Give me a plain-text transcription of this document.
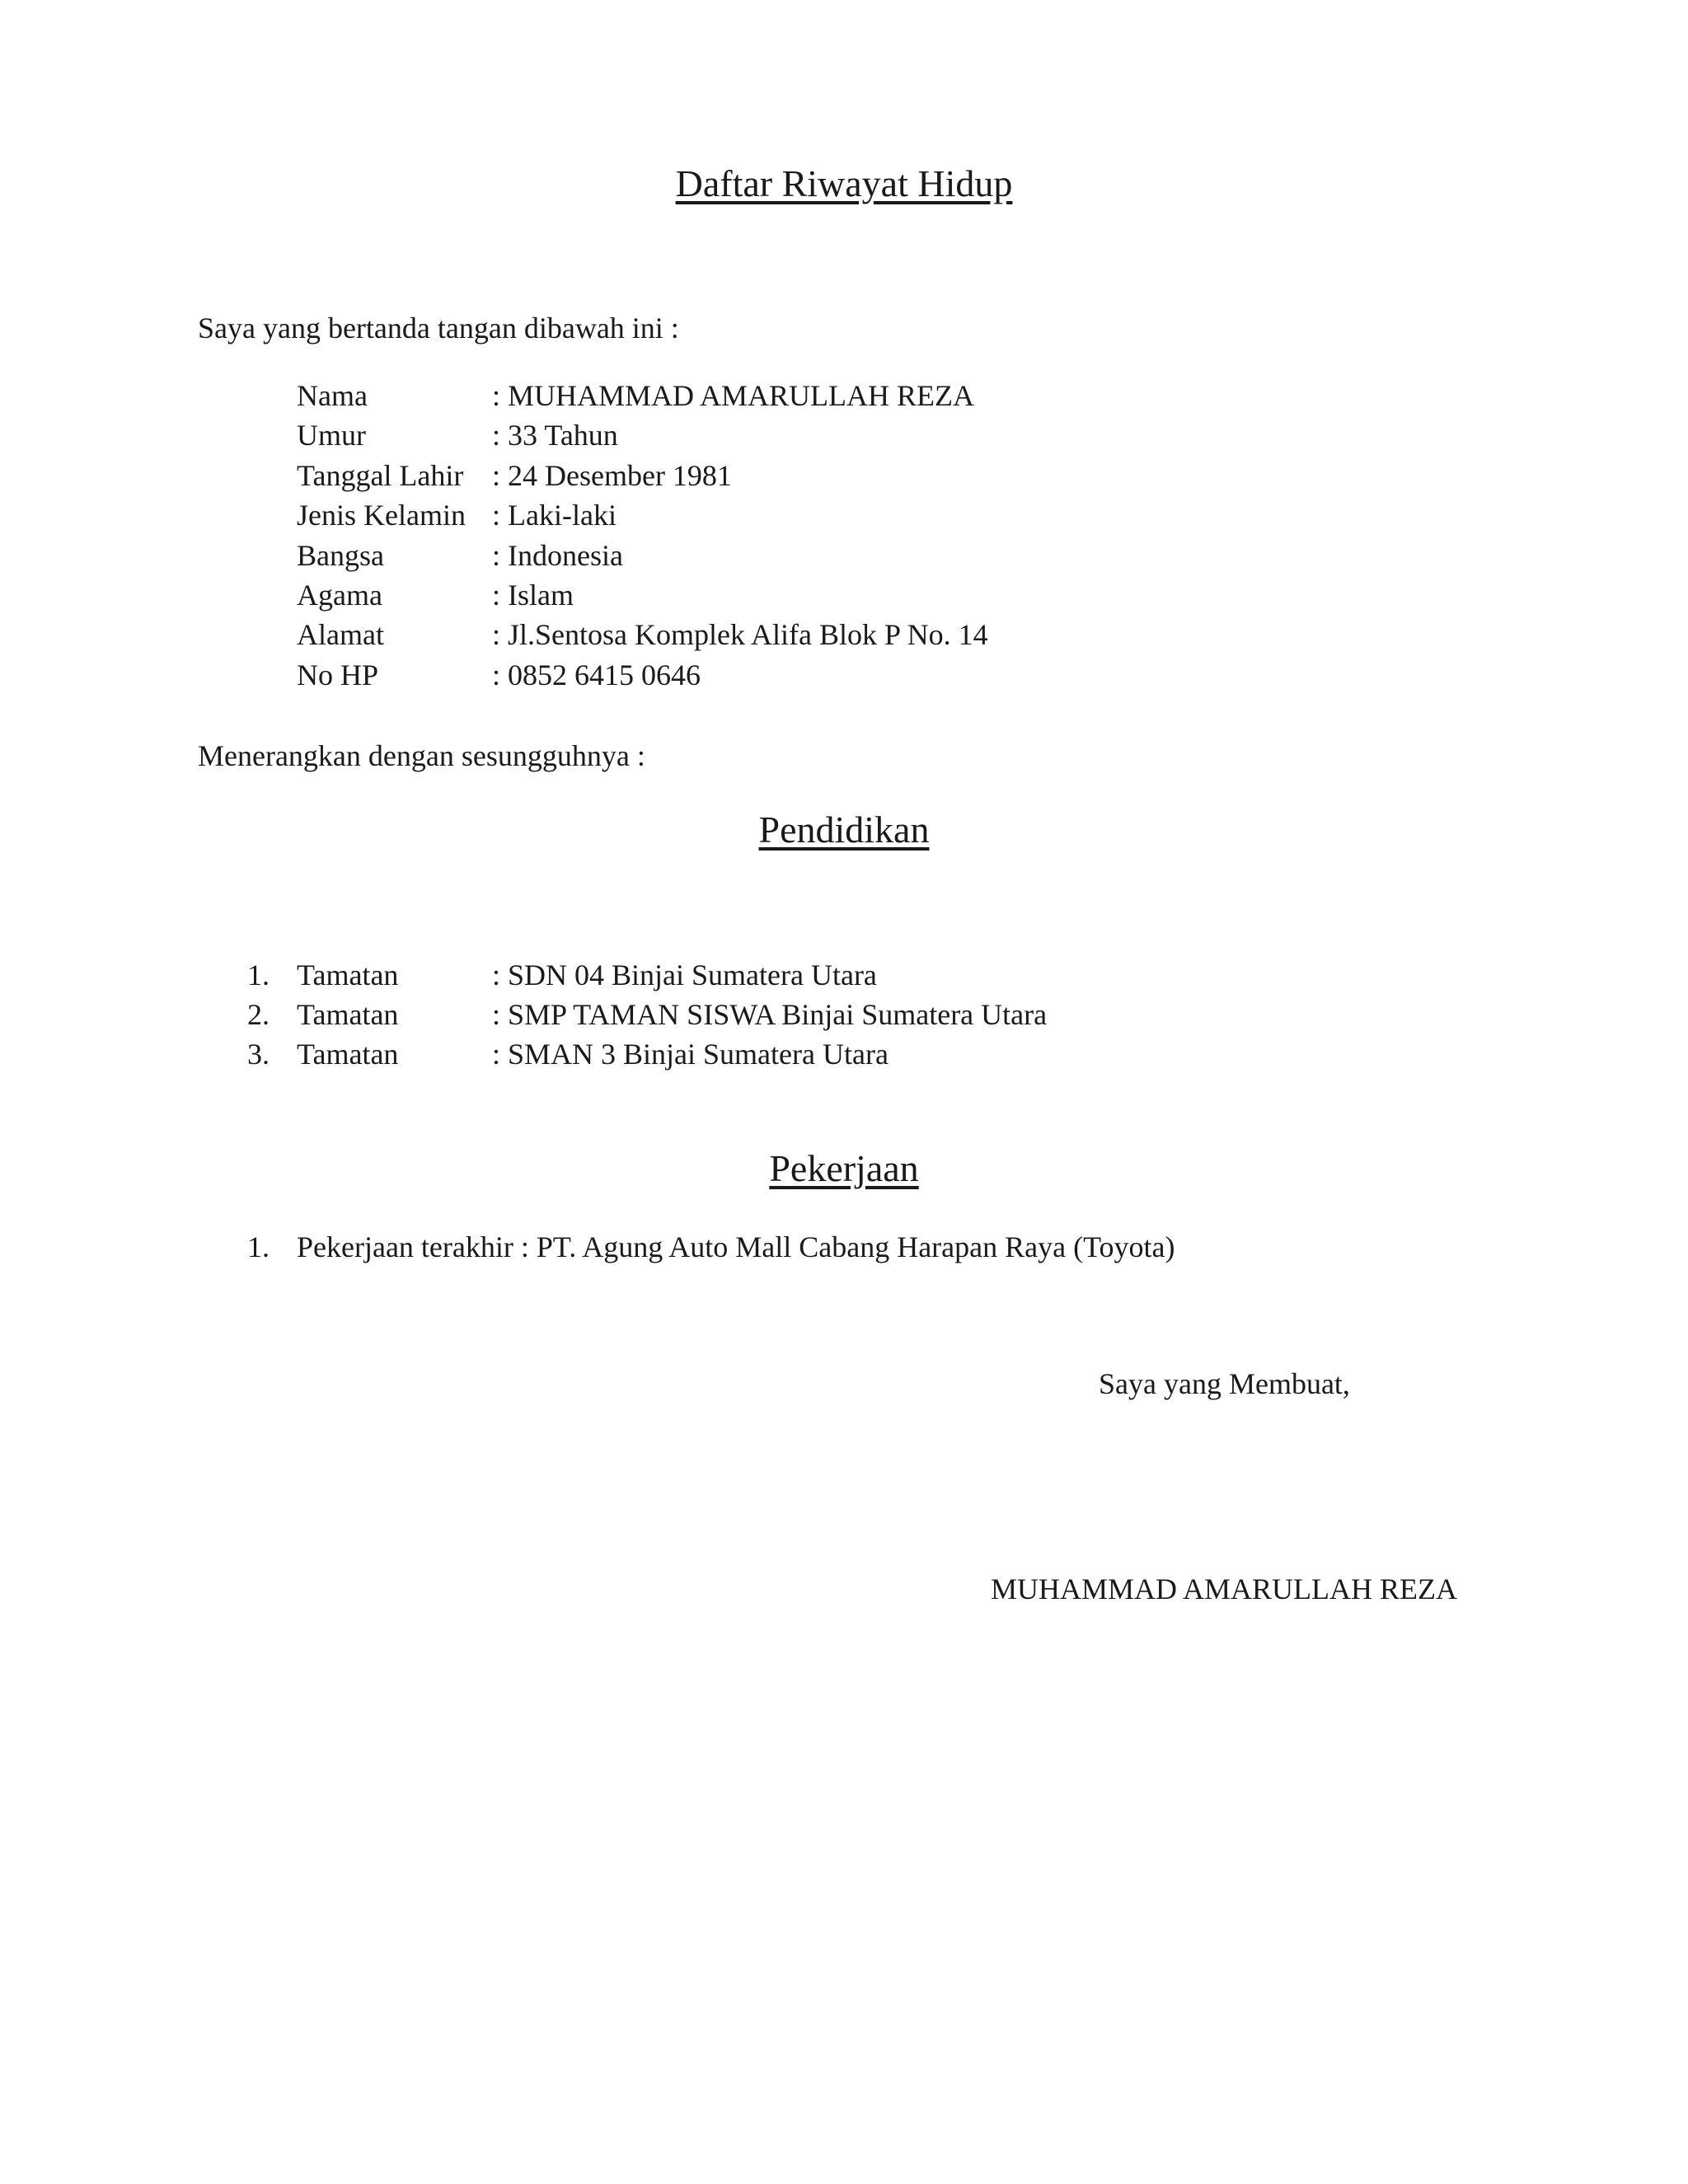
Daftar Riwayat Hidup
Saya yang bertanda tangan dibawah ini :
Nama	: MUHAMMAD AMARULLAH REZA
Umur	: 33 Tahun
Tanggal Lahir : 24 Desember 1981
Jenis Kelamin : Laki-laki
Bangsa	: Indonesia
Agama	: Islam
Alamat	: Jl.Sentosa Komplek Alifa Blok P No. 14
No HP	: 0852 6415 0646
Menerangkan dengan sesungguhnya :
Pendidikan
1. Tamatan	: SDN 04 Binjai Sumatera Utara
2. Tamatan	: SMP TAMAN SISWA Binjai Sumatera Utara
3. Tamatan	: SMAN 3 Binjai Sumatera Utara
Pekerjaan
1. Pekerjaan terakhir : PT. Agung Auto Mall Cabang Harapan Raya (Toyota)
Saya yang Membuat,
MUHAMMAD AMARULLAH REZA
